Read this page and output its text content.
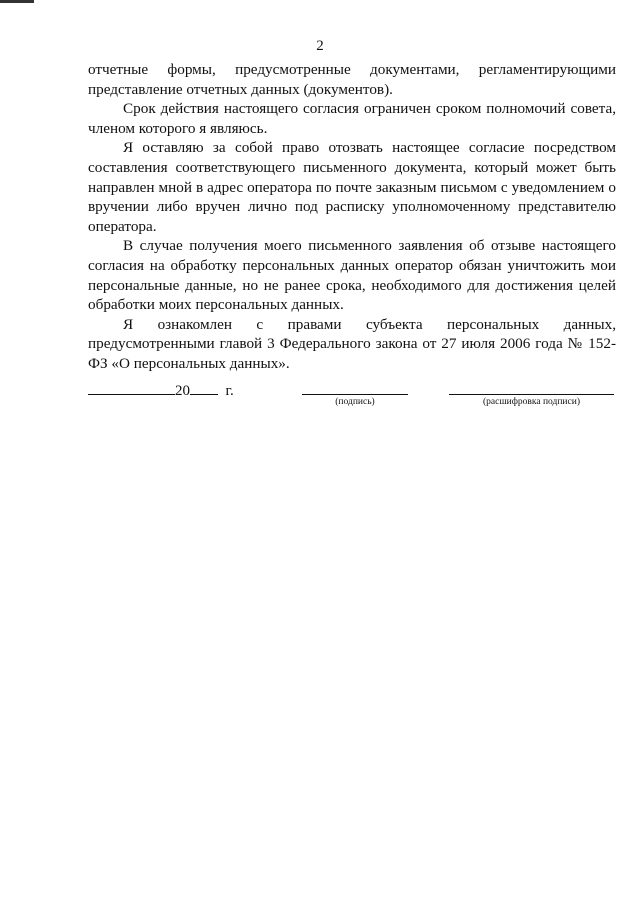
2

отчетные формы, предусмотренные документами, регламентирующими представление отчетных данных (документов).

Срок действия настоящего согласия ограничен сроком полномочий совета, членом которого я являюсь.

Я оставляю за собой право отозвать настоящее согласие посредством составления соответствующего письменного документа, который может быть направлен мной в адрес оператора по почте заказным письмом с уведомлением о вручении либо вручен лично под расписку уполномоченному представителю оператора.

В случае получения моего письменного заявления об отзыве настоящего согласия на обработку персональных данных оператор обязан уничтожить мои персональные данные, но не ранее срока, необходимого для достижения целей обработки моих персональных данных.

Я ознакомлен с правами субъекта персональных данных, предусмотренными главой 3 Федерального закона от 27 июля 2006 года № 152-ФЗ «О персональных данных».

20 г.
(подпись)	(расшифровка подписи)
